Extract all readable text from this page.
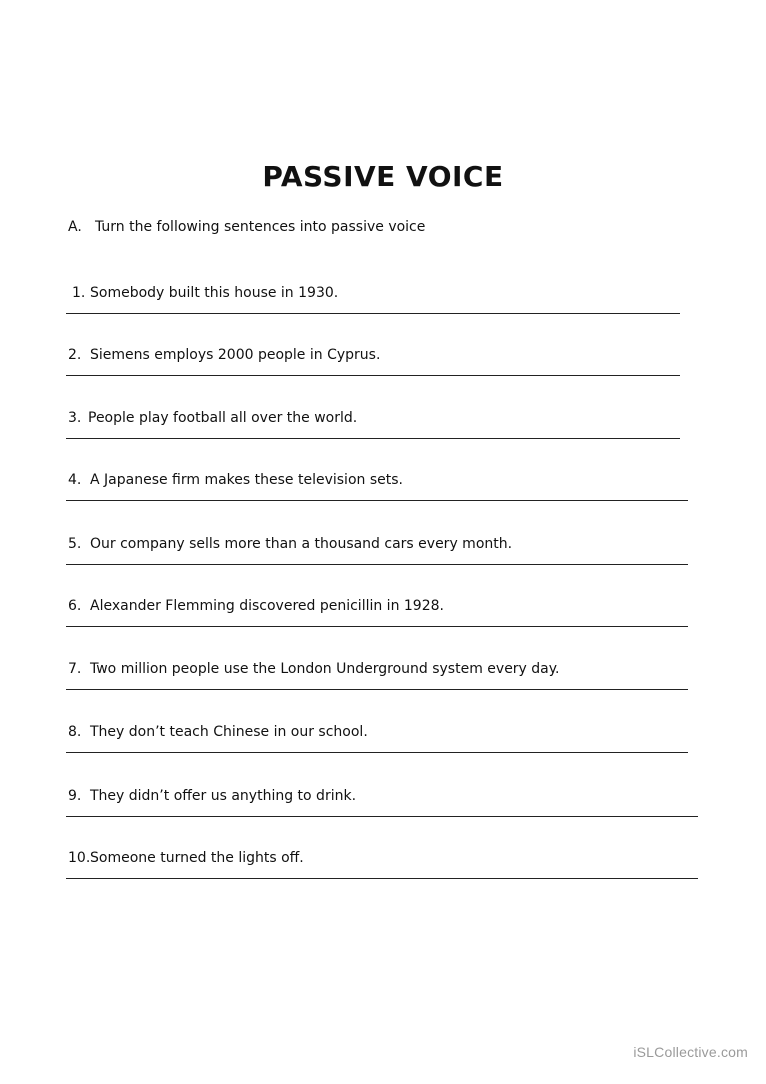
PASSIVE VOICE
A. Turn the following sentences into passive voice
1. Somebody built this house in 1930.
2. Siemens employs 2000 people in Cyprus.
3. People play football all over the world.
4. A Japanese firm makes these television sets.
5. Our company sells more than a thousand cars every month.
6. Alexander Flemming discovered penicillin in 1928.
7. Two million people use the London Underground system every day.
8. They don’t teach Chinese in our school.
9. They didn’t offer us anything to drink.
10.Someone turned the lights off.
iSLCollective.com
